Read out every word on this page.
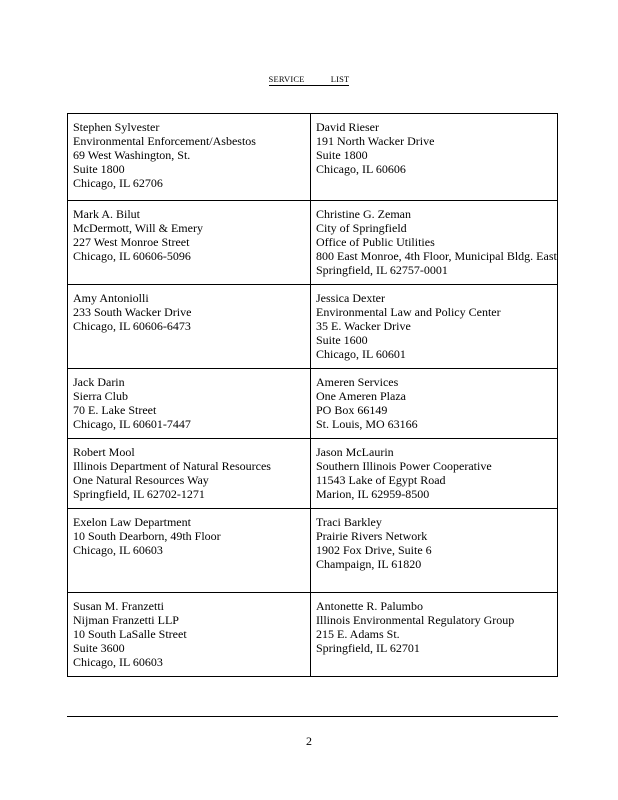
SERVICE	LIST
Stephen Sylvester
Environmental Enforcement/Asbestos
69 West Washington, St.
Suite 1800
Chicago, IL 62706	David Rieser
191 North Wacker Drive
Suite 1800
Chicago, IL 60606

Mark A. Bilut
McDermott, Will & Emery
227 West Monroe Street
Chicago, IL 60606-5096	Christine G. Zeman
City of Springfield
Office of Public Utilities
800 East Monroe, 4th Floor, Municipal Bldg. East
Springfield, IL 62757-0001

Amy Antoniolli
233 South Wacker Drive
Chicago, IL 60606-6473	Jessica Dexter
Environmental Law and Policy Center
35 E. Wacker Drive
Suite 1600
Chicago, IL 60601

Jack Darin
Sierra Club
70 E. Lake Street
Chicago, IL 60601-7447	Ameren Services
One Ameren Plaza
PO Box 66149
St. Louis, MO 63166

Robert Mool
Illinois Department of Natural Resources
One Natural Resources Way
Springfield, IL 62702-1271	Jason McLaurin
Southern Illinois Power Cooperative
11543 Lake of Egypt Road
Marion, IL 62959-8500

Exelon Law Department
10 South Dearborn, 49th Floor
Chicago, IL 60603	Traci Barkley
Prairie Rivers Network
1902 Fox Drive, Suite 6
Champaign, IL 61820

Susan M. Franzetti
Nijman Franzetti LLP
10 South LaSalle Street
Suite 3600
Chicago, IL 60603	Antonette R. Palumbo
Illinois Environmental Regulatory Group
215 E. Adams St.
Springfield, IL 62701
2
